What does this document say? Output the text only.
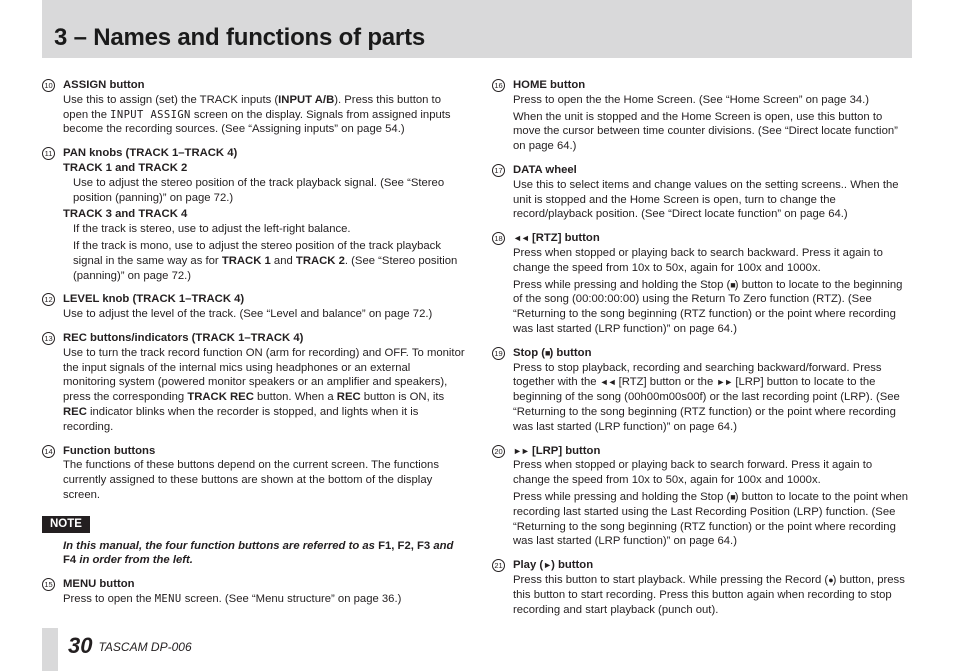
3 – Names and functions of parts
10 ASSIGN button

Use this to assign (set) the TRACK inputs (INPUT A/B). Press this button to open the INPUT ASSIGN screen on the display. Signals from assigned inputs become the recording sources. (See “Assigning inputs” on page 54.)

11 PAN knobs (TRACK 1–TRACK 4)
TRACK 1 and TRACK 2

Use to adjust the stereo position of the track playback signal. (See “Stereo position (panning)” on page 72.)

TRACK 3 and TRACK 4

If the track is stereo, use to adjust the left-right balance.

If the track is mono, use to adjust the stereo position of the track playback signal in the same way as for TRACK 1 and TRACK 2. (See “Stereo position (panning)” on page 72.)

12 LEVEL knob (TRACK 1–TRACK 4)

Use to adjust the level of the track. (See “Level and balance” on page 72.)

13 REC buttons/indicators (TRACK 1–TRACK 4)

Use to turn the track record function ON (arm for recording) and OFF. To monitor the input signals of the internal mics using headphones or an external monitoring system (powered monitor speakers or an amplifier and speakers), press the corresponding TRACK REC button. When a REC button is ON, its REC indicator blinks when the recorder is stopped, and lights when it is recording.

14 Function buttons

The functions of these buttons depend on the current screen. The functions currently assigned to these buttons are shown at the bottom of the display screen.

NOTE
In this manual, the four function buttons are referred to as F1, F2, F3 and F4 in order from the left.
15 MENU button

Press to open the MENU screen. (See “Menu structure” on page 36.)

16 HOME button

Press to open the the Home Screen. (See “Home Screen” on page 34.)

When the unit is stopped and the Home Screen is open, use this button to move the cursor between time counter divisions. (See “Direct locate function” on page 64.)

17 DATA wheel

Use this to select items and change values on the setting screens.. When the unit is stopped and the Home Screen is open, turn to change the record/playback position. (See “Direct locate function” on page 64.)

18 ◄◄ [RTZ] button

Press when stopped or playing back to search backward. Press it again to change the speed from 10x to 50x, again for 100x and 1000x.

Press while pressing and holding the Stop (■) button to locate to the beginning of the song (00:00:00:00) using the Return To Zero function (RTZ). (See “Returning to the song beginning (RTZ function) or the point where recording was last started (LRP function)” on page 64.)

19 Stop (■) button

Press to stop playback, recording and searching backward/forward. Press together with the ◄◄ [RTZ] button or the ►► [LRP] button to locate to the beginning of the song (00h00m00s00f) or the last recording point (LRP). (See “Returning to the song beginning (RTZ function) or the point where recording was last started (LRP function)” on page 64.)

20 ►► [LRP] button

Press when stopped or playing back to search forward. Press it again to change the speed from 10x to 50x, again for 100x and 1000x.

Press while pressing and holding the Stop (■) button to locate to the point when recording last started using the Last Recording Position (LRP) function. (See “Returning to the song beginning (RTZ function) or the point where recording was last started (LRP function)” on page 64.)

21 Play (►) button

Press this button to start playback. While pressing the Record (●) button, press this button to start recording. Press this button again when recording to stop recording and start playback (punch out).

30 TASCAM DP-006
